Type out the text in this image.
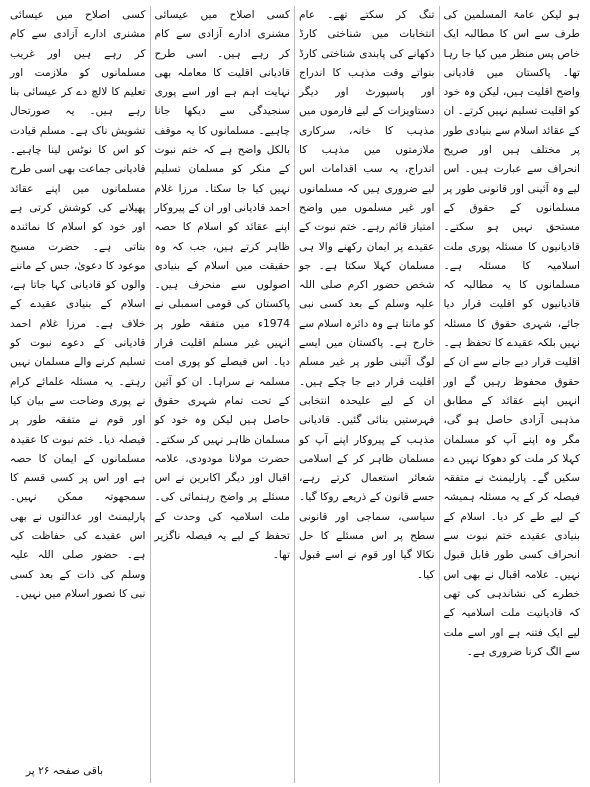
ہو لیکن عامۃ المسلمین کی طرف سے اس کا مطالبہ ایک خاص پس منظر میں کیا جا رہا تھا۔ پاکستان میں قادیانی واضح اقلیت ہیں، لیکن وہ خود کو اقلیت تسلیم نہیں کرتے۔ ان کے عقائد اسلام سے بنیادی طور پر مختلف ہیں اور صریح انحراف سے عبارت ہیں۔ اس لیے وہ آئینی اور قانونی طور پر مسلمانوں کے حقوق کے مستحق نہیں ہو سکتے۔ قادیانیوں کا مسئلہ پوری ملت اسلامیہ کا مسئلہ ہے۔ مسلمانوں کا یہ مطالبہ کہ قادیانیوں کو اقلیت قرار دیا جائے، شہری حقوق کا مسئلہ نہیں بلکہ عقیدے کا تحفظ ہے۔ اقلیت قرار دیے جانے سے ان کے حقوق محفوظ رہیں گے اور انہیں اپنے عقائد کے مطابق مذہبی آزادی حاصل ہو گی، مگر وہ اپنے آپ کو مسلمان کہلا کر ملت کو دھوکا نہیں دے سکیں گے۔ پارلیمنٹ نے متفقہ فیصلہ کر کے یہ مسئلہ ہمیشہ کے لیے طے کر دیا۔ اسلام کے بنیادی عقیدے ختم نبوت سے انحراف کسی طور قابل قبول نہیں۔ علامہ اقبال نے بھی اس خطرے کی نشاندہی کی تھی کہ قادیانیت ملت اسلامیہ کے لیے ایک فتنہ ہے اور اسے ملت سے الگ کرنا ضروری ہے۔

تنگ کر سکتے تھے۔ عام انتخابات میں شناختی کارڈ دکھانے کی پابندی شناختی کارڈ بنواتے وقت مذہب کا اندراج اور پاسپورٹ اور دیگر دستاویزات کے لیے فارموں میں مذہب کا خانہ، سرکاری ملازمتوں میں مذہب کا اندراج، یہ سب اقدامات اس لیے ضروری ہیں کہ مسلمانوں اور غیر مسلموں میں واضح امتیاز قائم رہے۔ ختم نبوت کے عقیدے پر ایمان رکھنے والا ہی مسلمان کہلا سکتا ہے۔ جو شخص حضور اکرم صلی اللہ علیہ وسلم کے بعد کسی نبی کو مانتا ہے وہ دائرہ اسلام سے خارج ہے۔ پاکستان میں ایسے لوگ آئینی طور پر غیر مسلم اقلیت قرار دیے جا چکے ہیں۔ ان کے لیے علیحدہ انتخابی فہرستیں بنائی گئیں۔ قادیانی مذہب کے پیروکار اپنے آپ کو مسلمان ظاہر کر کے اسلامی شعائر استعمال کرتے رہے، جسے قانون کے ذریعے روکا گیا۔ سیاسی، سماجی اور قانونی سطح پر اس مسئلے کا حل نکالا گیا اور قوم نے اسے قبول کیا۔

کسی اصلاح میں عیسائی مشنری ادارے آزادی سے کام کر رہے ہیں۔ اسی طرح قادیانی اقلیت کا معاملہ بھی نہایت اہم ہے اور اسے پوری سنجیدگی سے دیکھا جانا چاہیے۔ مسلمانوں کا یہ موقف بالکل واضح ہے کہ ختم نبوت کے منکر کو مسلمان تسلیم نہیں کیا جا سکتا۔ مرزا غلام احمد قادیانی اور ان کے پیروکار اپنے عقائد کو اسلام کا حصہ ظاہر کرتے ہیں، جب کہ وہ حقیقت میں اسلام کے بنیادی اصولوں سے منحرف ہیں۔ پاکستان کی قومی اسمبلی نے 1974ء میں متفقہ طور پر انہیں غیر مسلم اقلیت قرار دیا۔ اس فیصلے کو پوری امت مسلمہ نے سراہا۔ ان کو آئین کے تحت تمام شہری حقوق حاصل ہیں لیکن وہ خود کو مسلمان ظاہر نہیں کر سکتے۔ حضرت مولانا مودودی، علامہ اقبال اور دیگر اکابرین نے اس مسئلے پر واضح رہنمائی کی۔ ملت اسلامیہ کی وحدت کے تحفظ کے لیے یہ فیصلہ ناگزیر تھا۔

کسی اصلاح میں عیسائی مشنری ادارے آزادی سے کام کر رہے ہیں اور غریب مسلمانوں کو ملازمت اور تعلیم کا لالچ دے کر عیسائی بنا رہے ہیں۔ یہ صورتحال تشویش ناک ہے۔ مسلم قیادت کو اس کا نوٹس لینا چاہیے۔ قادیانی جماعت بھی اسی طرح مسلمانوں میں اپنے عقائد پھیلانے کی کوشش کرتی ہے اور خود کو اسلام کا نمائندہ بتاتی ہے۔ حضرت مسیح موعود کا دعویٰ، جس کے ماننے والوں کو قادیانی کہا جاتا ہے، اسلام کے بنیادی عقیدے کے خلاف ہے۔ مرزا غلام احمد قادیانی کے دعوے نبوت کو تسلیم کرنے والے مسلمان نہیں رہتے۔ یہ مسئلہ علمائے کرام نے پوری وضاحت سے بیان کیا اور قوم نے متفقہ طور پر فیصلہ دیا۔ ختم نبوت کا عقیدہ مسلمانوں کے ایمان کا حصہ ہے اور اس پر کسی قسم کا سمجھوتہ ممکن نہیں۔ پارلیمنٹ اور عدالتوں نے بھی اس عقیدے کی حفاظت کی ہے۔ حضور صلی اللہ علیہ وسلم کی ذات کے بعد کسی نبی کا تصور اسلام میں نہیں۔

باقی صفحہ ۲۶ پر
